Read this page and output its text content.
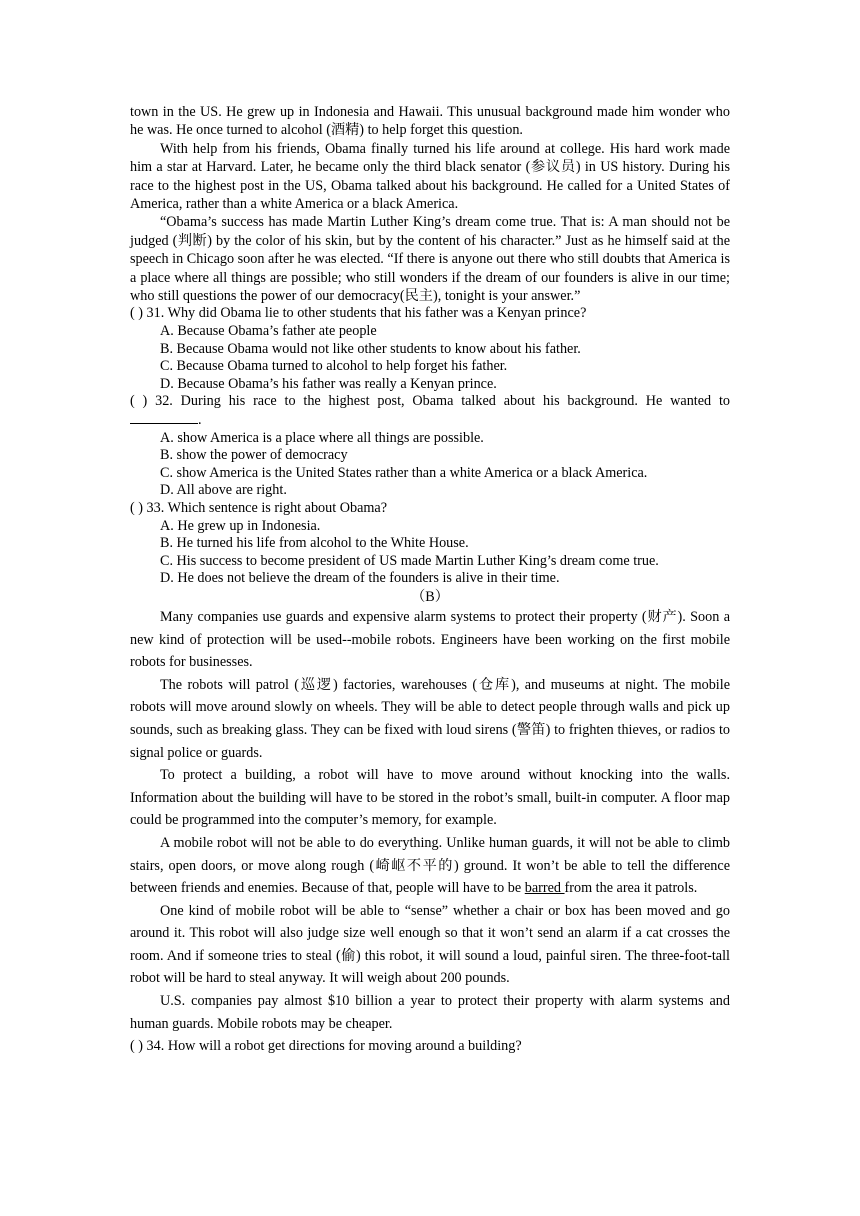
town in the US. He grew up in Indonesia and Hawaii. This unusual background made him wonder who he was. He once turned to alcohol (酒精) to help forget this question.

With help from his friends, Obama finally turned his life around at college. His hard work made him a star at Harvard. Later, he became only the third black senator (参议员) in US history. During his race to the highest post in the US, Obama talked about his background. He called for a United States of America, rather than a white America or a black America.

“Obama’s success has made Martin Luther King’s dream come true. That is: A man should not be judged (判断) by the color of his skin, but by the content of his character.” Just as he himself said at the speech in Chicago soon after he was elected. “If there is anyone out there who still doubts that America is a place where all things are possible; who still wonders if the dream of our founders is alive in our time; who still questions the power of our democracy(民主), tonight is your answer.”

( ) 31. Why did Obama lie to other students that his father was a Kenyan prince?

A. Because Obama’s father ate people

B. Because Obama would not like other students to know about his father.

C. Because Obama turned to alcohol to help forget his father.

D. Because Obama’s his father was really a Kenyan prince.

( ) 32. During his race to the highest post, Obama talked about his background. He wanted to

.

A. show America is a place where all things are possible.

B. show the power of democracy

C. show America is the United States rather than a white America or a black America.

D. All above are right.

( ) 33. Which sentence is right about Obama?

A. He grew up in Indonesia.

B. He turned his life from alcohol to the White House.

C. His success to become president of US made Martin Luther King’s dream come true.

D. He does not believe the dream of the founders is alive in their time.

（B）

Many companies use guards and expensive alarm systems to protect their property (财产). Soon a new kind of protection will be used--mobile robots. Engineers have been working on the first mobile robots for businesses.

The robots will patrol (巡逻) factories, warehouses (仓库), and museums at night. The mobile robots will move around slowly on wheels. They will be able to detect people through walls and pick up sounds, such as breaking glass. They can be fixed with loud sirens (警笛) to frighten thieves, or radios to signal police or guards.

To protect a building, a robot will have to move around without knocking into the walls. Information about the building will have to be stored in the robot’s small, built-in computer. A floor map could be programmed into the computer’s memory, for example.

A mobile robot will not be able to do everything. Unlike human guards, it will not be able to climb stairs, open doors, or move along rough (崎岖不平的) ground. It won’t be able to tell the difference between friends and enemies. Because of that, people will have to be barred from the area it patrols.

One kind of mobile robot will be able to “sense” whether a chair or box has been moved and go around it. This robot will also judge size well enough so that it won’t send an alarm if a cat crosses the room. And if someone tries to steal (偷) this robot, it will sound a loud, painful siren. The three-foot-tall robot will be hard to steal anyway. It will weigh about 200 pounds.

U.S. companies pay almost $10 billion a year to protect their property with alarm systems and human guards. Mobile robots may be cheaper.

( ) 34. How will a robot get directions for moving around a building?
